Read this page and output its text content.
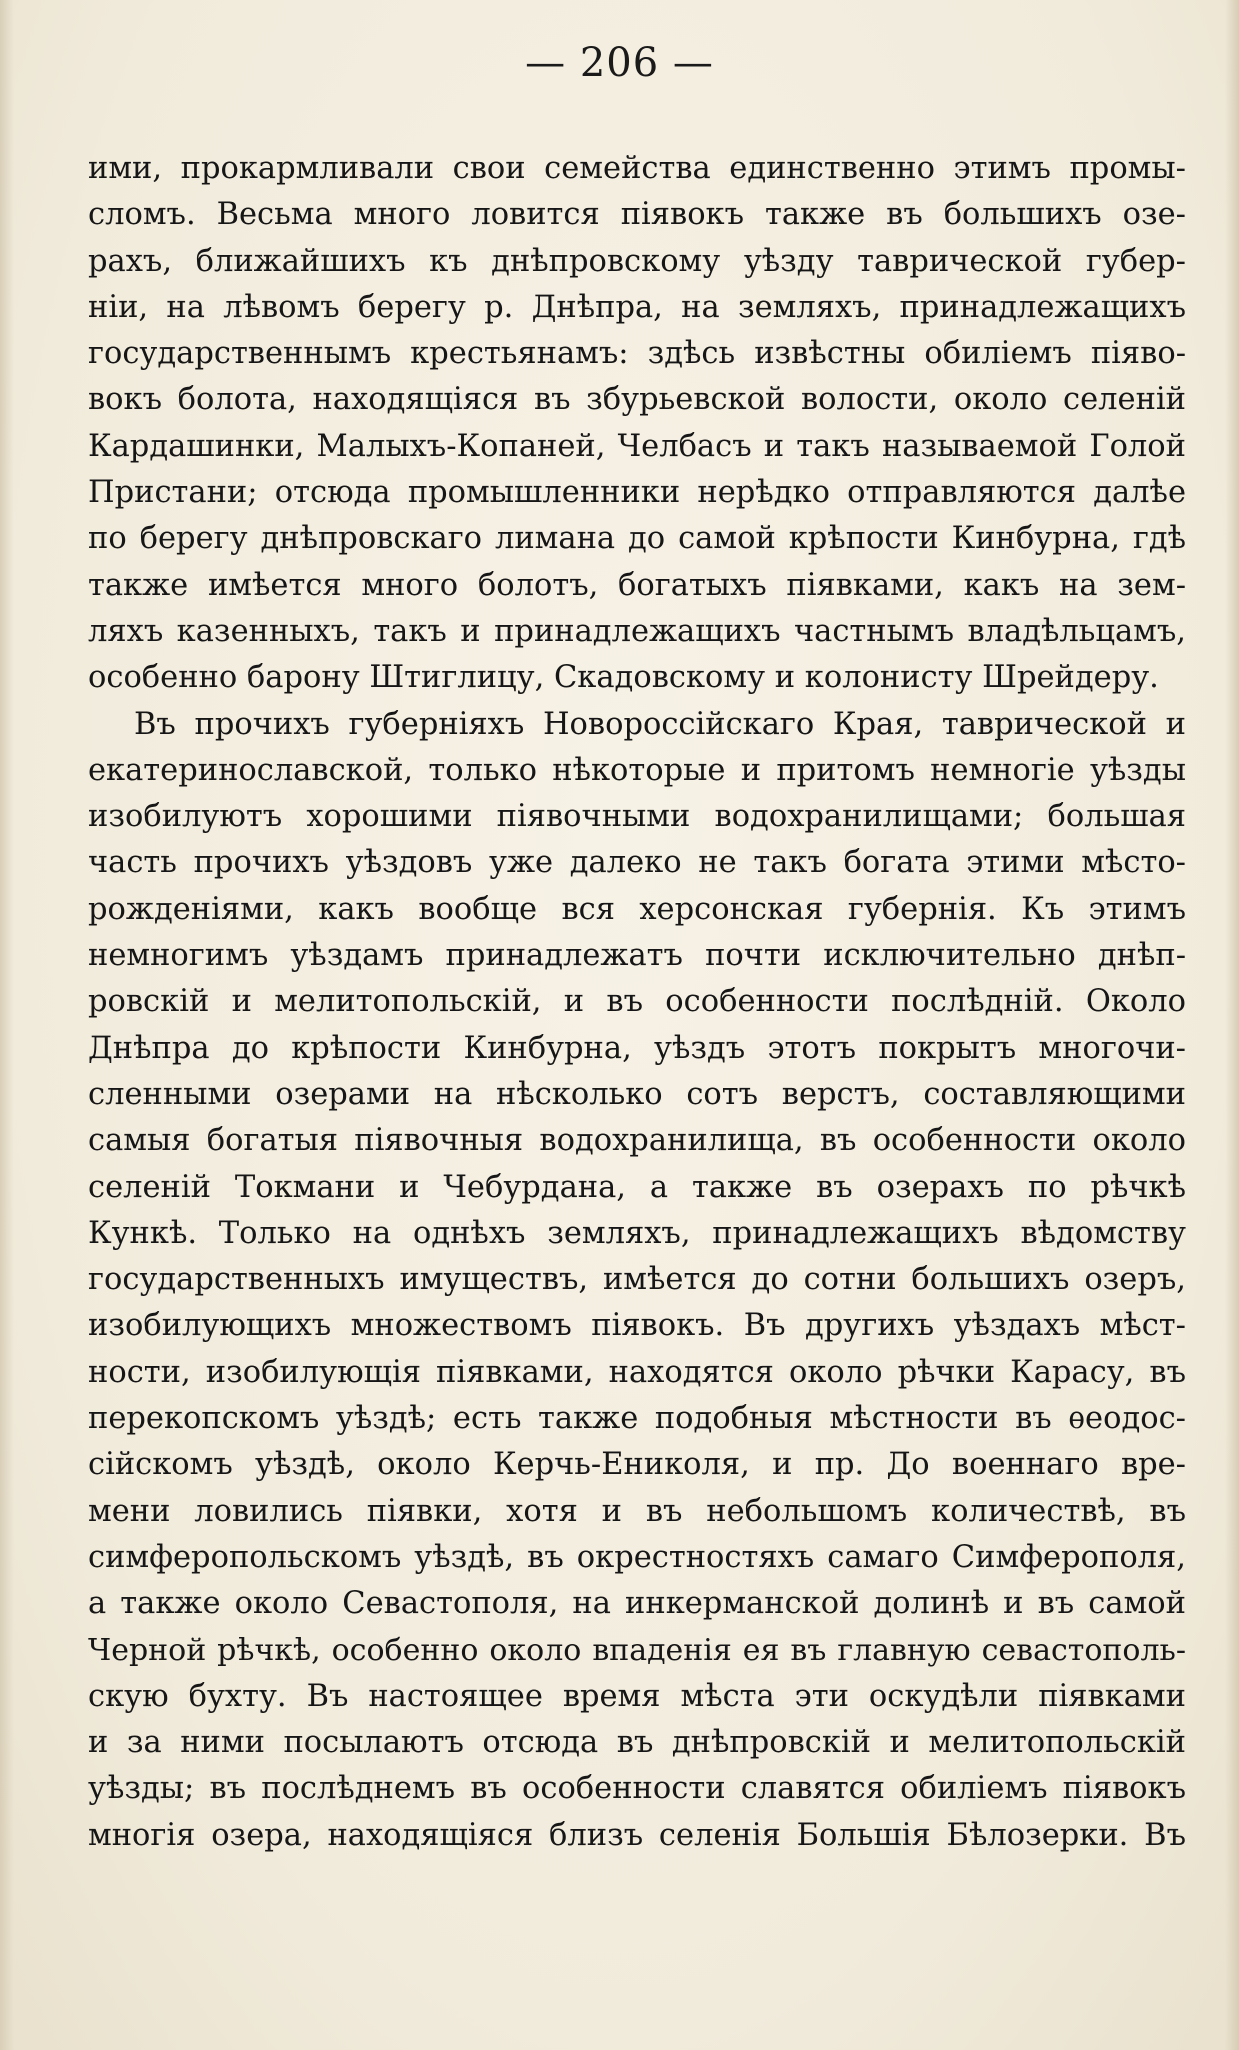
— 206 —
ими, прокармливали свои семейства единственно этимъ промы-
сломъ. Весьма много ловится піявокъ также въ большихъ озе-
рахъ, ближайшихъ къ днѣпровскому уѣзду таврической губер-
ніи, на лѣвомъ берегу р. Днѣпра, на земляхъ, принадлежащихъ
государственнымъ крестьянамъ: здѣсь извѣстны обиліемъ піяво-
вокъ болота, находящіяся въ збурьевской волости, около селеній
Кардашинки, Малыхъ-Копаней, Челбасъ и такъ называемой Голой
Пристани; отсюда промышленники нерѣдко отправляются далѣе
по берегу днѣпровскаго лимана до самой крѣпости Кинбурна, гдѣ
также имѣется много болотъ, богатыхъ піявками, какъ на зем-
ляхъ казенныхъ, такъ и принадлежащихъ частнымъ владѣльцамъ,
особенно барону Штиглицу, Скадовскому и колонисту Шрейдеру.
Въ прочихъ губерніяхъ Новороссійскаго Края, таврической и
екатеринославской, только нѣкоторые и притомъ немногіе уѣзды
изобилуютъ хорошими піявочными водохранилищами; большая
часть прочихъ уѣздовъ уже далеко не такъ богата этими мѣсто-
рожденіями, какъ вообще вся херсонская губернія. Къ этимъ
немногимъ уѣздамъ принадлежатъ почти исключительно днѣп-
ровскій и мелитопольскій, и въ особенности послѣдній. Около
Днѣпра до крѣпости Кинбурна, уѣздъ этотъ покрытъ многочи-
сленными озерами на нѣсколько сотъ верстъ, составляющими
самыя богатыя піявочныя водохранилища, въ особенности около
селеній Токмани и Чебурдана, а также въ озерахъ по рѣчкѣ
Кункѣ. Только на однѣхъ земляхъ, принадлежащихъ вѣдомству
государственныхъ имуществъ, имѣется до сотни большихъ озеръ,
изобилующихъ множествомъ піявокъ. Въ другихъ уѣздахъ мѣст-
ности, изобилующія піявками, находятся около рѣчки Карасу, въ
перекопскомъ уѣздѣ; есть также подобныя мѣстности въ ѳеодос-
сійскомъ уѣздѣ, около Керчь-Ениколя, и пр. До военнаго вре-
мени ловились піявки, хотя и въ небольшомъ количествѣ, въ
симферопольскомъ уѣздѣ, въ окрестностяхъ самаго Симферополя,
а также около Севастополя, на инкерманской долинѣ и въ самой
Черной рѣчкѣ, особенно около впаденія ея въ главную севастополь-
скую бухту. Въ настоящее время мѣста эти оскудѣли піявками
и за ними посылаютъ отсюда въ днѣпровскій и мелитопольскій
уѣзды; въ послѣднемъ въ особенности славятся обиліемъ піявокъ
многія озера, находящіяся близъ селенія Большія Бѣлозерки. Въ
